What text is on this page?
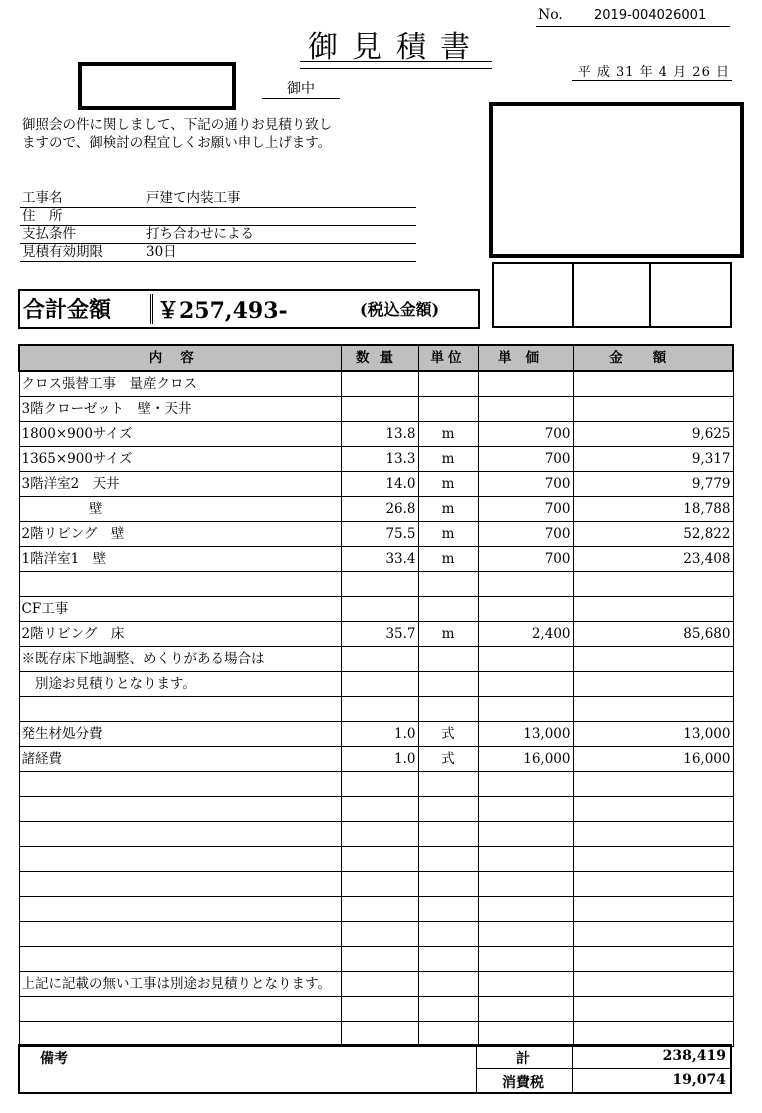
No. 2019-004026001
御見積書
平 成 31 年 4 月 26 日
御中
御照会の件に関しまして、下記の通りお見積り致し
ますので、御検討の程宜しくお願い申し上げます。
工事名	戸建て内装工事
住　所
支払条件	打ち合わせによる
見積有効期限	30日
合計金額	￥257,493-	(税込金額)
内容	数量	単位	単価	金額
クロス張替工事　量産クロス				
3階クローゼット　壁・天井				
1800×900サイズ	13.8	m	700	9,625
1365×900サイズ	13.3	m	700	9,317
3階洋室2　天井	14.0	m	700	9,779
　　　　　壁	26.8	m	700	18,788
2階リビング　壁	75.5	m	700	52,822
1階洋室1　壁	33.4	m	700	23,408

CF工事				
2階リビング　床	35.7	m	2,400	85,680
※既存床下地調整、めくりがある場合は				
　別途お見積りとなります。				

発生材処分費	1.0	式	13,000	13,000
諸経費	1.0	式	16,000	16,000

上記に記載の無い工事は別途お見積りとなります。				

備考	計	238,419
消費税	19,074
